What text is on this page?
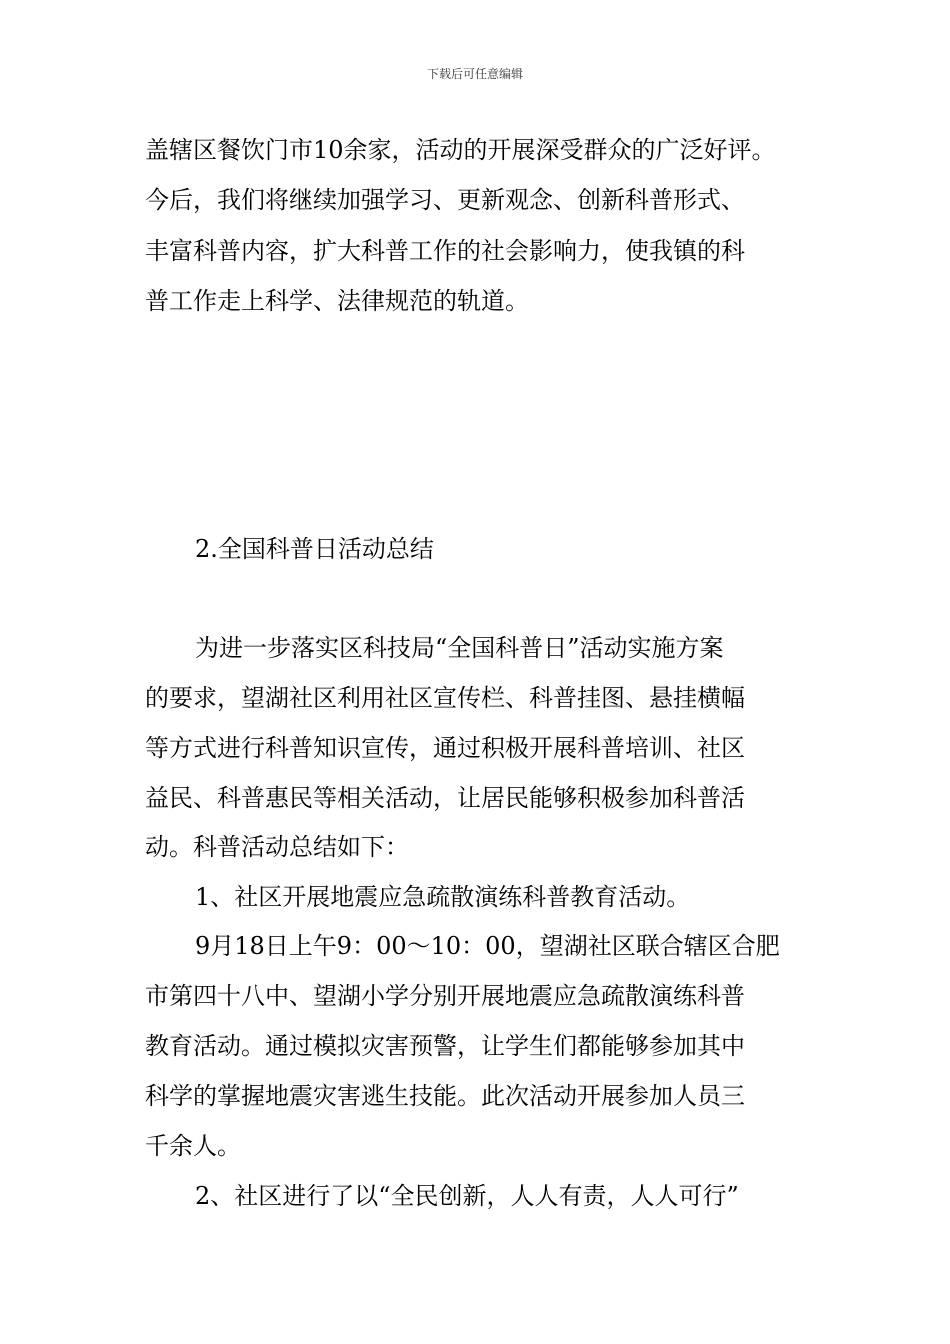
下载后可任意编辑
盖辖区餐饮门市10余家，活动的开展深受群众的广泛好评。
今后，我们将继续加强学习、更新观念、创新科普形式、
丰富科普内容，扩大科普工作的社会影响力，使我镇的科
普工作走上科学、法律规范的轨道。
2.全国科普日活动总结
为进一步落实区科技局“全国科普日”活动实施方案
的要求，望湖社区利用社区宣传栏、科普挂图、悬挂横幅
等方式进行科普知识宣传，通过积极开展科普培训、社区
益民、科普惠民等相关活动，让居民能够积极参加科普活
动。科普活动总结如下：
1、社区开展地震应急疏散演练科普教育活动。
9月18日上午9：00～10：00，望湖社区联合辖区合肥
市第四十八中、望湖小学分别开展地震应急疏散演练科普
教育活动。通过模拟灾害预警，让学生们都能够参加其中
科学的掌握地震灾害逃生技能。此次活动开展参加人员三
千余人。
2、社区进行了以“全民创新，人人有责，人人可行”
